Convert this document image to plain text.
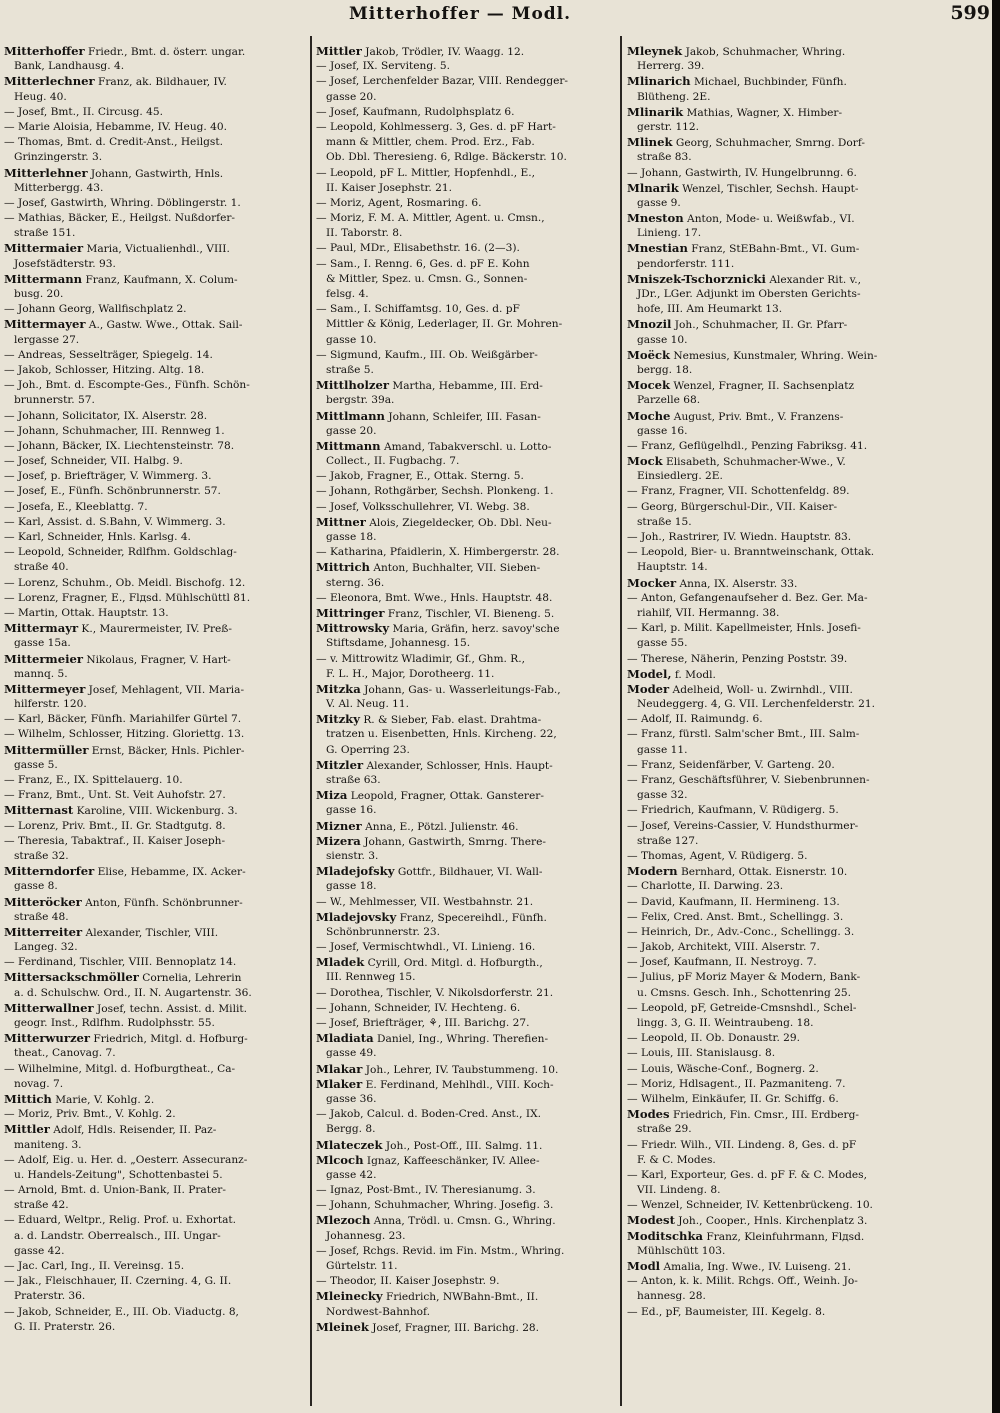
Mitterhoffer — Modl.	599
Mitterhoffer Friedr., Bmt. d. österr. ungar.
Bank, Landhausg. 4.
Mitterlechner Franz, ak. Bildhauer, IV.
Heug. 40.
— Josef, Bmt., II. Circusg. 45.
— Marie Aloisia, Hebamme, IV. Heug. 40.
— Thomas, Bmt. d. Credit-Anst., Heilgst.
Grinzingerstr. 3.
Mitterlehner Johann, Gastwirth, Hnls.
Mitterbergg. 43.
— Josef, Gastwirth, Whring. Döblingerstr. 1.
— Mathias, Bäcker, E., Heilgst. Nußdorfer-
straße 151.
Mittermaier Maria, Victualienhdl., VIII.
Josefstädterstr. 93.
Mittermann Franz, Kaufmann, X. Colum-
busg. 20.
— Johann Georg, Wallfischplatz 2.
Mittermayer A., Gastw. Wwe., Ottak. Sail-
lergasse 27.
— Andreas, Sesselträger, Spiegelg. 14.
— Jakob, Schlosser, Hitzing. Altg. 18.
— Joh., Bmt. d. Escompte-Ges., Fünfh. Schön-
brunnerstr. 57.
— Johann, Solicitator, IX. Alserstr. 28.
— Johann, Schuhmacher, III. Rennweg 1.
— Johann, Bäcker, IX. Liechtensteinstr. 78.
— Josef, Schneider, VII. Halbg. 9.
— Josef, p. Briefträger, V. Wimmerg. 3.
— Josef, E., Fünfh. Schönbrunnerstr. 57.
— Josefa, E., Kleeblattg. 7.
— Karl, Assist. d. S.Bahn, V. Wimmerg. 3.
— Karl, Schneider, Hnls. Karlsg. 4.
— Leopold, Schneider, Rdlfhm. Goldschlag-
straße 40.
— Lorenz, Schuhm., Ob. Meidl. Bischofg. 12.
— Lorenz, Fragner, E., Flдsd. Mühlschüttl 81.
— Martin, Ottak. Hauptstr. 13.
Mittermayr K., Maurermeister, IV. Preß-
gasse 15a.
Mittermeier Nikolaus, Fragner, V. Hart-
mannq. 5.
Mittermeyer Josef, Mehlagent, VII. Maria-
hilferstr. 120.
— Karl, Bäcker, Fünfh. Mariahilfer Gürtel 7.
— Wilhelm, Schlosser, Hitzing. Gloriettg. 13.
Mittermüller Ernst, Bäcker, Hnls. Pichler-
gasse 5.
— Franz, E., IX. Spittelauerg. 10.
— Franz, Bmt., Unt. St. Veit Auhofstr. 27.
Mitternast Karoline, VIII. Wickenburg. 3.
— Lorenz, Priv. Bmt., II. Gr. Stadtgutg. 8.
— Theresia, Tabaktraf., II. Kaiser Joseph-
straße 32.
Mitterndorfer Elise, Hebamme, IX. Acker-
gasse 8.
Mitteröcker Anton, Fünfh. Schönbrunner-
straße 48.
Mitterreiter Alexander, Tischler, VIII.
Langeg. 32.
— Ferdinand, Tischler, VIII. Bennoplatz 14.
Mittersackschmöller Cornelia, Lehrerin
a. d. Schulschw. Ord., II. N. Augartenstr. 36.
Mitterwallner Josef, techn. Assist. d. Milit.
geogr. Inst., Rdlfhm. Rudolphsstr. 55.
Mitterwurzer Friedrich, Mitgl. d. Hofburg-
theat., Canovag. 7.
— Wilhelmine, Mitgl. d. Hofburgtheat., Ca-
novag. 7.
Mittich Marie, V. Kohlg. 2.
— Moriz, Priv. Bmt., V. Kohlg. 2.
Mittler Adolf, Hdls. Reisender, II. Paz-
maniteng. 3.
— Adolf, Eig. u. Her. d. „Oesterr. Assecuranz-
u. Handels-Zeitung", Schottenbastei 5.
— Arnold, Bmt. d. Union-Bank, II. Prater-
straße 42.
— Eduard, Weltpr., Relig. Prof. u. Exhortat.
a. d. Landstr. Oberrealsch., III. Ungar-
gasse 42.
— Jac. Carl, Ing., II. Vereinsg. 15.
— Jak., Fleischhauer, II. Czerning. 4, G. II.
Praterstr. 36.
— Jakob, Schneider, E., III. Ob. Viaductg. 8,
G. II. Praterstr. 26.
Mittler Jakob, Trödler, IV. Waagg. 12.
— Josef, IX. Serviteng. 5.
— Josef, Lerchenfelder Bazar, VIII. Rendegger-
gasse 20.
— Josef, Kaufmann, Rudolphsplatz 6.
— Leopold, Kohlmesserg. 3, Ges. d. pF Hart-
mann & Mittler, chem. Prod. Erz., Fab.
Ob. Dbl. Theresieng. 6, Rdlge. Bäckerstr. 10.
— Leopold, pF L. Mittler, Hopfenhdl., E.,
II. Kaiser Josephstr. 21.
— Moriz, Agent, Rosmaring. 6.
— Moriz, F. M. A. Mittler, Agent. u. Cmsn.,
II. Taborstr. 8.
— Paul, MDr., Elisabethstr. 16. (2—3).
— Sam., I. Renng. 6, Ges. d. pF E. Kohn
& Mittler, Spez. u. Cmsn. G., Sonnen-
felsg. 4.
— Sam., I. Schiffamtsg. 10, Ges. d. pF
Mittler & König, Lederlager, II. Gr. Mohren-
gasse 10.
— Sigmund, Kaufm., III. Ob. Weißgärber-
straße 5.
Mittlholzer Martha, Hebamme, III. Erd-
bergstr. 39a.
Mittlmann Johann, Schleifer, III. Fasan-
gasse 20.
Mittmann Amand, Tabakverschl. u. Lotto-
Collect., II. Fugbachg. 7.
— Jakob, Fragner, E., Ottak. Sterng. 5.
— Johann, Rothgärber, Sechsh. Plonkeng. 1.
— Josef, Volksschullehrer, VI. Webg. 38.
Mittner Alois, Ziegeldecker, Ob. Dbl. Neu-
gasse 18.
— Katharina, Pfaidlerin, X. Himbergerstr. 28.
Mittrich Anton, Buchhalter, VII. Sieben-
sterng. 36.
— Eleonora, Bmt. Wwe., Hnls. Hauptstr. 48.
Mittringer Franz, Tischler, VI. Bieneng. 5.
Mittrowsky Maria, Gräfin, herz. savoy'sche
Stiftsdame, Johannesg. 15.
— v. Mittrowitz Wladimir, Gf., Ghm. R.,
F. L. H., Major, Dorotheerg. 11.
Mitzka Johann, Gas- u. Wasserleitungs-Fab.,
V. Al. Neug. 11.
Mitzky R. & Sieber, Fab. elast. Drahtma-
tratzen u. Eisenbetten, Hnls. Kircheng. 22,
G. Operring 23.
Mitzler Alexander, Schlosser, Hnls. Haupt-
straße 63.
Miza Leopold, Fragner, Ottak. Gansterer-
gasse 16.
Mizner Anna, E., Pötzl. Julienstr. 46.
Mizera Johann, Gastwirth, Smrng. There-
sienstr. 3.
Mladejofsky Gottfr., Bildhauer, VI. Wall-
gasse 18.
— W., Mehlmesser, VII. Westbahnstr. 21.
Mladejovsky Franz, Specereihdl., Fünfh.
Schönbrunnerstr. 23.
— Josef, Vermischtwhdl., VI. Linieng. 16.
Mladek Cyrill, Ord. Mitgl. d. Hofburgth.,
III. Rennweg 15.
— Dorothea, Tischler, V. Nikolsdorferstr. 21.
— Johann, Schneider, IV. Hechteng. 6.
— Josef, Briefträger, ⚘, III. Barichg. 27.
Mladiata Daniel, Ing., Whring. Therefien-
gasse 49.
Mlakar Joh., Lehrer, IV. Taubstummeng. 10.
Mlaker E. Ferdinand, Mehlhdl., VIII. Koch-
gasse 36.
— Jakob, Calcul. d. Boden-Cred. Anst., IX.
Bergg. 8.
Mlateczek Joh., Post-Off., III. Salmg. 11.
Mlcoch Ignaz, Kaffeeschänker, IV. Allee-
gasse 42.
— Ignaz, Post-Bmt., IV. Theresianumg. 3.
— Johann, Schuhmacher, Whring. Josefig. 3.
Mlezoch Anna, Trödl. u. Cmsn. G., Whring.
Johannesg. 23.
— Josef, Rchgs. Revid. im Fin. Mstm., Whring.
Gürtelstr. 11.
— Theodor, II. Kaiser Josephstr. 9.
Mleinecky Friedrich, NWBahn-Bmt., II.
Nordwest-Bahnhof.
Mleinek Josef, Fragner, III. Barichg. 28.
Mleynek Jakob, Schuhmacher, Whring.
Herrerg. 39.
Mlinarich Michael, Buchbinder, Fünfh.
Blütheng. 2E.
Mlinarik Mathias, Wagner, X. Himber-
gerstr. 112.
Mlinek Georg, Schuhmacher, Smrng. Dorf-
straße 83.
— Johann, Gastwirth, IV. Hungelbrunng. 6.
Mlnarik Wenzel, Tischler, Sechsh. Haupt-
gasse 9.
Mneston Anton, Mode- u. Weißwfab., VI.
Linieng. 17.
Mnestian Franz, StEBahn-Bmt., VI. Gum-
pendorferstr. 111.
Mniszek-Tschorznicki Alexander Rit. v.,
JDr., LGer. Adjunkt im Obersten Gerichts-
hofe, III. Am Heumarkt 13.
Mnozil Joh., Schuhmacher, II. Gr. Pfarr-
gasse 10.
Moëck Nemesius, Kunstmaler, Whring. Wein-
bergg. 18.
Mocek Wenzel, Fragner, II. Sachsenplatz
Parzelle 68.
Moche August, Priv. Bmt., V. Franzens-
gasse 16.
— Franz, Geflügelhdl., Penzing Fabriksg. 41.
Mock Elisabeth, Schuhmacher-Wwe., V.
Einsiedlerg. 2E.
— Franz, Fragner, VII. Schottenfeldg. 89.
— Georg, Bürgerschul-Dir., VII. Kaiser-
straße 15.
— Joh., Rastrirer, IV. Wiedn. Hauptstr. 83.
— Leopold, Bier- u. Branntweinschank, Ottak.
Hauptstr. 14.
Mocker Anna, IX. Alserstr. 33.
— Anton, Gefangenaufseher d. Bez. Ger. Ma-
riahilf, VII. Hermanng. 38.
— Karl, p. Milit. Kapellmeister, Hnls. Josefi-
gasse 55.
— Therese, Näherin, Penzing Poststr. 39.
Model, f. Modl.
Moder Adelheid, Woll- u. Zwirnhdl., VIII.
Neudeggerg. 4, G. VII. Lerchenfelderstr. 21.
— Adolf, II. Raimundg. 6.
— Franz, fürstl. Salm'scher Bmt., III. Salm-
gasse 11.
— Franz, Seidenfärber, V. Garteng. 20.
— Franz, Geschäftsführer, V. Siebenbrunnen-
gasse 32.
— Friedrich, Kaufmann, V. Rüdigerg. 5.
— Josef, Vereins-Cassier, V. Hundsthurmer-
straße 127.
— Thomas, Agent, V. Rüdigerg. 5.
Modern Bernhard, Ottak. Eisnerstr. 10.
— Charlotte, II. Darwing. 23.
— David, Kaufmann, II. Hermineng. 13.
— Felix, Cred. Anst. Bmt., Schellingg. 3.
— Heinrich, Dr., Adv.-Conc., Schellingg. 3.
— Jakob, Architekt, VIII. Alserstr. 7.
— Josef, Kaufmann, II. Nestroyg. 7.
— Julius, pF Moriz Mayer & Modern, Bank-
u. Cmsns. Gesch. Inh., Schottenring 25.
— Leopold, pF, Getreide-Cmsnshdl., Schel-
lingg. 3, G. II. Weintraubeng. 18.
— Leopold, II. Ob. Donaustr. 29.
— Louis, III. Stanislausg. 8.
— Louis, Wäsche-Conf., Bognerg. 2.
— Moriz, Hdlsagent., II. Pazmaniteng. 7.
— Wilhelm, Einkäufer, II. Gr. Schiffg. 6.
Modes Friedrich, Fin. Cmsr., III. Erdberg-
straße 29.
— Friedr. Wilh., VII. Lindeng. 8, Ges. d. pF
F. & C. Modes.
— Karl, Exporteur, Ges. d. pF F. & C. Modes,
VII. Lindeng. 8.
— Wenzel, Schneider, IV. Kettenbrückeng. 10.
Modest Joh., Cooper., Hnls. Kirchenplatz 3.
Moditschka Franz, Kleinfuhrmann, Flдsd.
Mühlschütt 103.
Modl Amalia, Ing. Wwe., IV. Luiseng. 21.
— Anton, k. k. Milit. Rchgs. Off., Weinh. Jo-
hannesg. 28.
— Ed., pF, Baumeister, III. Kegelg. 8.
